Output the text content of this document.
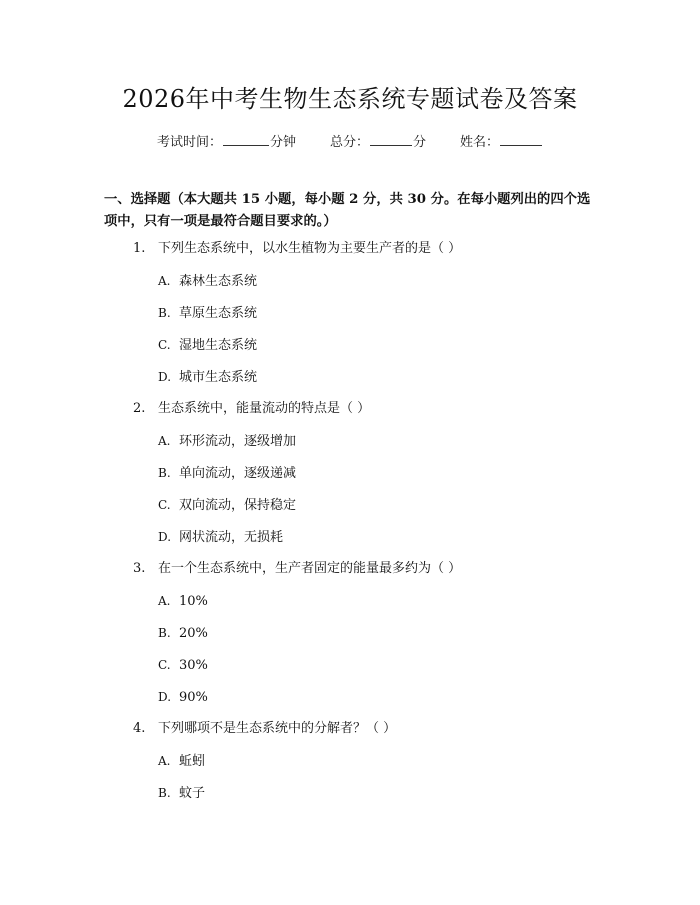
2026年中考生物生态系统专题试卷及答案
考试时间：	分钟	总分：	分	姓名：
一、选择题（本大题共 15 小题，每小题 2 分，共 30 分。在每小题列出的四个选
项中，只有一项是最符合题目要求的。）
1. 下列生态系统中，以水生植物为主要生产者的是（ ）
A. 森林生态系统
B. 草原生态系统
C. 湿地生态系统
D. 城市生态系统
2. 生态系统中，能量流动的特点是（ ）
A. 环形流动，逐级增加
B. 单向流动，逐级递减
C. 双向流动，保持稳定
D. 网状流动，无损耗
3. 在一个生态系统中，生产者固定的能量最多约为（ ）
A. 10%
B. 20%
C. 30%
D. 90%
4. 下列哪项不是生态系统中的分解者？（ ）
A. 蚯蚓
B. 蚊子
